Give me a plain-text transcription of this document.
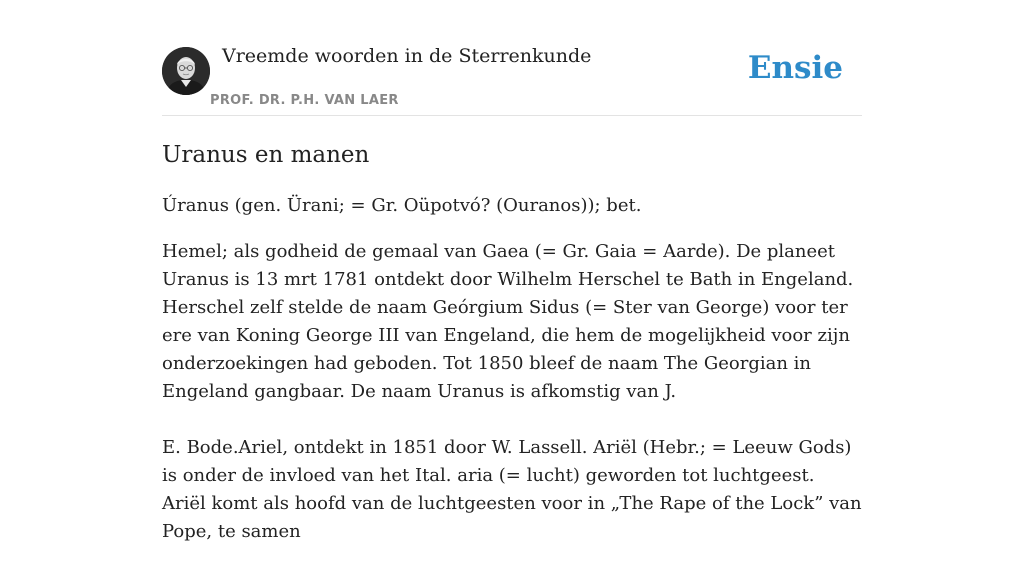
Vreemde woorden in de Sterrenkunde
PROF. DR. P.H. VAN LAER
Ensie
Uranus en manen
Úranus (gen. Ürani; = Gr. Oüpotvó? (Ouranos)); bet.

Hemel; als godheid de gemaal van Gaea (= Gr. Gaia = Aarde). De planeet Uranus is 13 mrt 1781 ontdekt door Wilhelm Herschel te Bath in Engeland. Herschel zelf stelde de naam Geórgium Sidus (= Ster van George) voor ter ere van Koning George III van Engeland, die hem de mogelijkheid voor zijn onderzoekingen had geboden. Tot 1850 bleef de naam The Georgian in Engeland gangbaar. De naam Uranus is afkomstig van J.

E. Bode.Ariel, ontdekt in 1851 door W. Lassell. Ariël (Hebr.; = Leeuw Gods) is onder de invloed van het Ital. aria (= lucht) geworden tot luchtgeest. Ariël komt als hoofd van de luchtgeesten voor in „The Rape of the Lock” van Pope, te samen
